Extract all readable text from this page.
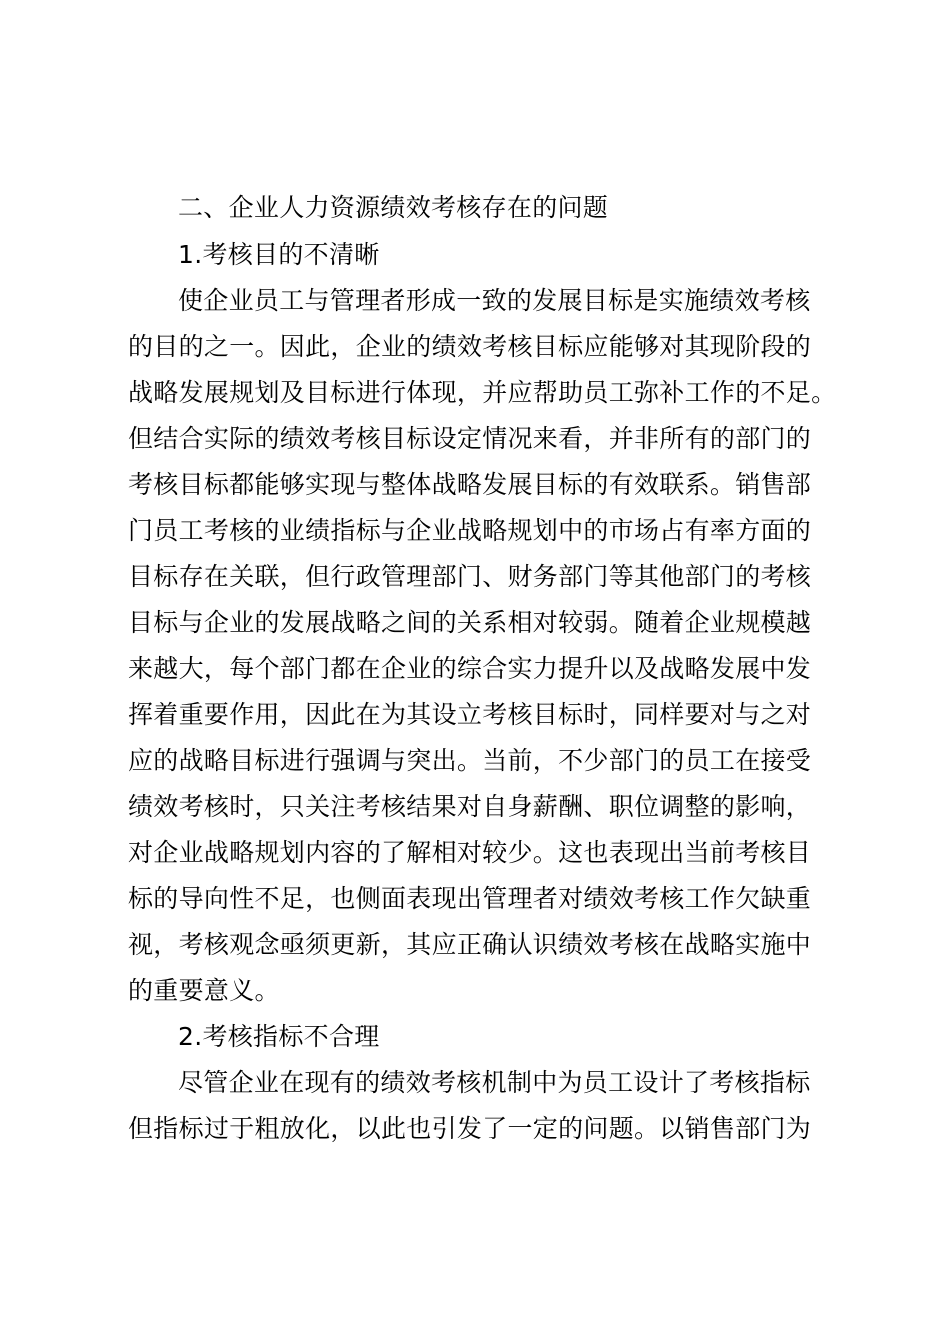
二、企业人力资源绩效考核存在的问题
1.考核目的不清晰
使企业员工与管理者形成一致的发展目标是实施绩效考核
的目的之一。因此，企业的绩效考核目标应能够对其现阶段的
战略发展规划及目标进行体现，并应帮助员工弥补工作的不足。
但结合实际的绩效考核目标设定情况来看，并非所有的部门的
考核目标都能够实现与整体战略发展目标的有效联系。销售部
门员工考核的业绩指标与企业战略规划中的市场占有率方面的
目标存在关联，但行政管理部门、财务部门等其他部门的考核
目标与企业的发展战略之间的关系相对较弱。随着企业规模越
来越大，每个部门都在企业的综合实力提升以及战略发展中发
挥着重要作用，因此在为其设立考核目标时，同样要对与之对
应的战略目标进行强调与突出。当前，不少部门的员工在接受
绩效考核时，只关注考核结果对自身薪酬、职位调整的影响，
对企业战略规划内容的了解相对较少。这也表现出当前考核目
标的导向性不足，也侧面表现出管理者对绩效考核工作欠缺重
视，考核观念亟须更新，其应正确认识绩效考核在战略实施中
的重要意义。
2.考核指标不合理
尽管企业在现有的绩效考核机制中为员工设计了考核指标
但指标过于粗放化，以此也引发了一定的问题。以销售部门为
